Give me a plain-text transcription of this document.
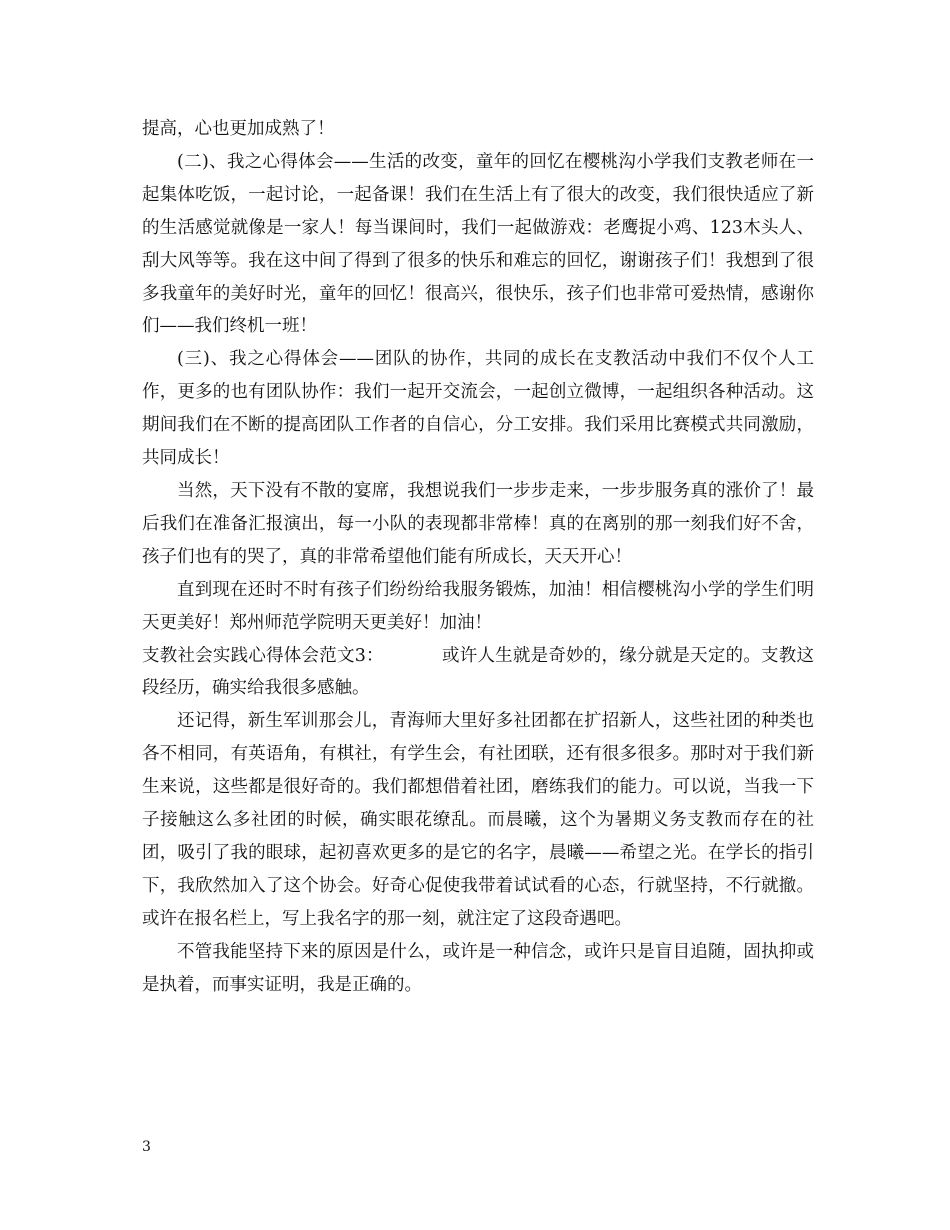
提高，心也更加成熟了！

(二)、我之心得体会——生活的改变，童年的回忆在樱桃沟小学我们支教老师在一起集体吃饭，一起讨论，一起备课！我们在生活上有了很大的改变，我们很快适应了新的生活感觉就像是一家人！每当课间时，我们一起做游戏：老鹰捉小鸡、123木头人、刮大风等等。我在这中间了得到了很多的快乐和难忘的回忆，谢谢孩子们！我想到了很多我童年的美好时光，童年的回忆！很高兴，很快乐，孩子们也非常可爱热情，感谢你们——我们终机一班！

(三)、我之心得体会——团队的协作，共同的成长在支教活动中我们不仅个人工作，更多的也有团队协作：我们一起开交流会，一起创立微博，一起组织各种活动。这期间我们在不断的提高团队工作者的自信心，分工安排。我们采用比赛模式共同激励，共同成长！

当然，天下没有不散的宴席，我想说我们一步步走来，一步步服务真的涨价了！最后我们在准备汇报演出，每一小队的表现都非常棒！真的在离别的那一刻我们好不舍，孩子们也有的哭了，真的非常希望他们能有所成长，天天开心！

直到现在还时不时有孩子们纷纷给我服务锻炼，加油！相信樱桃沟小学的学生们明天更美好！郑州师范学院明天更美好！加油！

支教社会实践心得体会范文3：	或许人生就是奇妙的，缘分就是天定的。支教这段经历，确实给我很多感触。

还记得，新生军训那会儿，青海师大里好多社团都在扩招新人，这些社团的种类也各不相同，有英语角，有棋社，有学生会，有社团联，还有很多很多。那时对于我们新生来说，这些都是很好奇的。我们都想借着社团，磨练我们的能力。可以说，当我一下子接触这么多社团的时候，确实眼花缭乱。而晨曦，这个为暑期义务支教而存在的社团，吸引了我的眼球，起初喜欢更多的是它的名字，晨曦——希望之光。在学长的指引下，我欣然加入了这个协会。好奇心促使我带着试试看的心态，行就坚持，不行就撤。或许在报名栏上，写上我名字的那一刻，就注定了这段奇遇吧。

不管我能坚持下来的原因是什么，或许是一种信念，或许只是盲目追随，固执抑或是执着，而事实证明，我是正确的。

3
